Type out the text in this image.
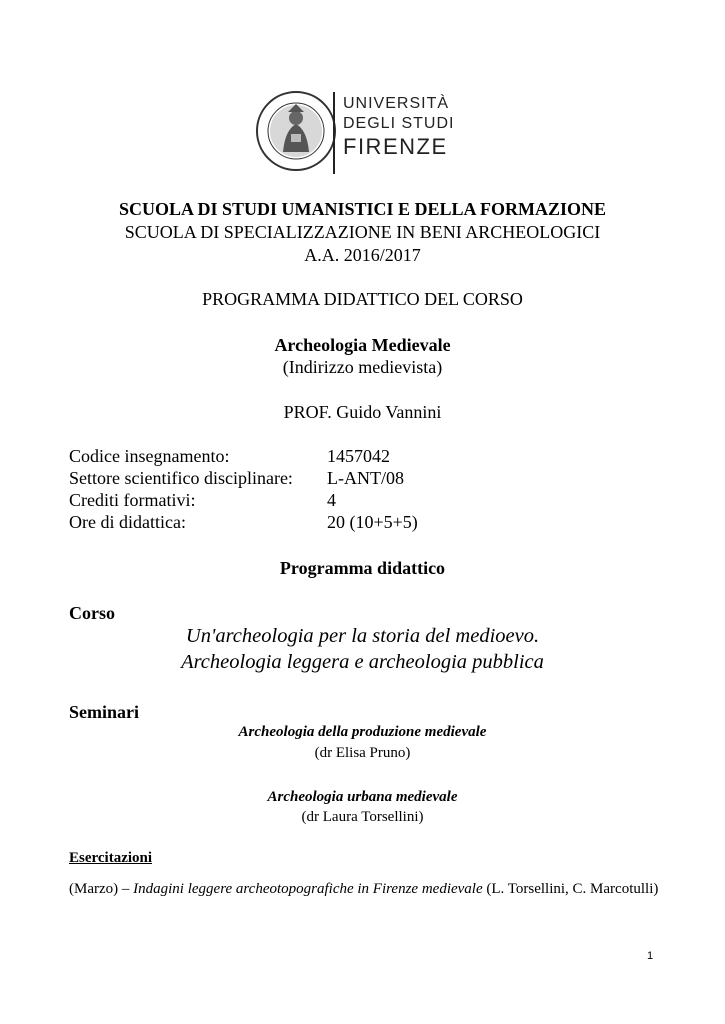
UNIVERSITÀ
DEGLI STUDI
FIRENZE
SCUOLA DI STUDI UMANISTICI E DELLA FORMAZIONE
SCUOLA DI SPECIALIZZAZIONE IN BENI ARCHEOLOGICI
A.A. 2016/2017
PROGRAMMA DIDATTICO DEL CORSO
Archeologia Medievale
(Indirizzo medievista)
PROF. Guido Vannini
Codice insegnamento:	1457042
Settore scientifico disciplinare: L-ANT/08
Crediti formativi:	4
Ore di didattica:	20 (10+5+5)
Programma didattico
Corso
Un'archeologia per la storia del medioevo.
Archeologia leggera e archeologia pubblica
Seminari
Archeologia della produzione medievale
(dr Elisa Pruno)
Archeologia urbana medievale
(dr Laura Torsellini)
Esercitazioni
(Marzo) – Indagini leggere archeotopografiche in Firenze medievale (L. Torsellini, C. Marcotulli)
1
